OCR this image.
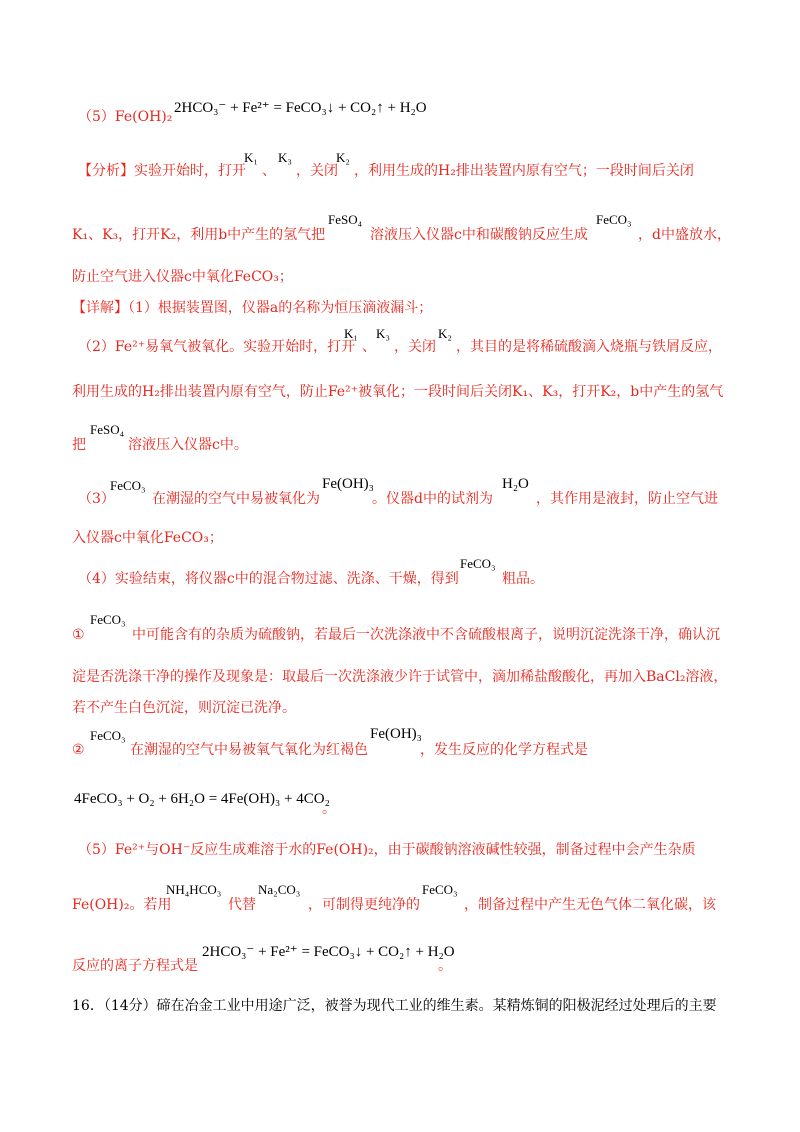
（5）Fe(OH)₂
2HCO₃⁻ + Fe²⁺ = FeCO₃↓ + CO₂↑ + H₂O
【分析】实验开始时，打开
K₁
、
K₃
，关闭
K₂
，利用生成的H₂排出装置内原有空气；一段时间后关闭
K₁、K₃，打开K₂，利用b中产生的氢气把
FeSO₄
溶液压入仪器c中和碳酸钠反应生成
FeCO₃
，d中盛放水，
防止空气进入仪器c中氧化FeCO₃；
【详解】（1）根据装置图，仪器a的名称为恒压滴液漏斗；
（2）Fe²⁺易氧气被氧化。实验开始时，打开
K₁
、
K₃
，关闭
K₂
，其目的是将稀硫酸滴入烧瓶与铁屑反应，
利用生成的H₂排出装置内原有空气，防止Fe²⁺被氧化；一段时间后关闭K₁、K₃，打开K₂，b中产生的氢气
把
FeSO₄
溶液压入仪器c中。
（3）
FeCO₃
在潮湿的空气中易被氧化为
Fe(OH)₃
。仪器d中的试剂为
H₂O
，其作用是液封，防止空气进
入仪器c中氧化FeCO₃；
（4）实验结束，将仪器c中的混合物过滤、洗涤、干燥，得到
FeCO₃
粗品。
①
FeCO₃
中可能含有的杂质为硫酸钠，若最后一次洗涤液中不含硫酸根离子，说明沉淀洗涤干净，确认沉
淀是否洗涤干净的操作及现象是：取最后一次洗涤液少许于试管中，滴加稀盐酸酸化，再加入BaCl₂溶液，
若不产生白色沉淀，则沉淀已洗净。
②
FeCO₃
在潮湿的空气中易被氧气氧化为红褐色
Fe(OH)₃
，发生反应的化学方程式是
4FeCO₃ + O₂ + 6H₂O = 4Fe(OH)₃ + 4CO₂
。
（5）Fe²⁺与OH⁻反应生成难溶于水的Fe(OH)₂，由于碳酸钠溶液碱性较强，制备过程中会产生杂质
Fe(OH)₂。若用
NH₄HCO₃
代替
Na₂CO₃
，可制得更纯净的
FeCO₃
，制备过程中产生无色气体二氧化碳，该
反应的离子方程式是
2HCO₃⁻ + Fe²⁺ = FeCO₃↓ + CO₂↑ + H₂O
。
16．（14分）碲在冶金工业中用途广泛，被誉为现代工业的维生素。某精炼铜的阳极泥经过处理后的主要
